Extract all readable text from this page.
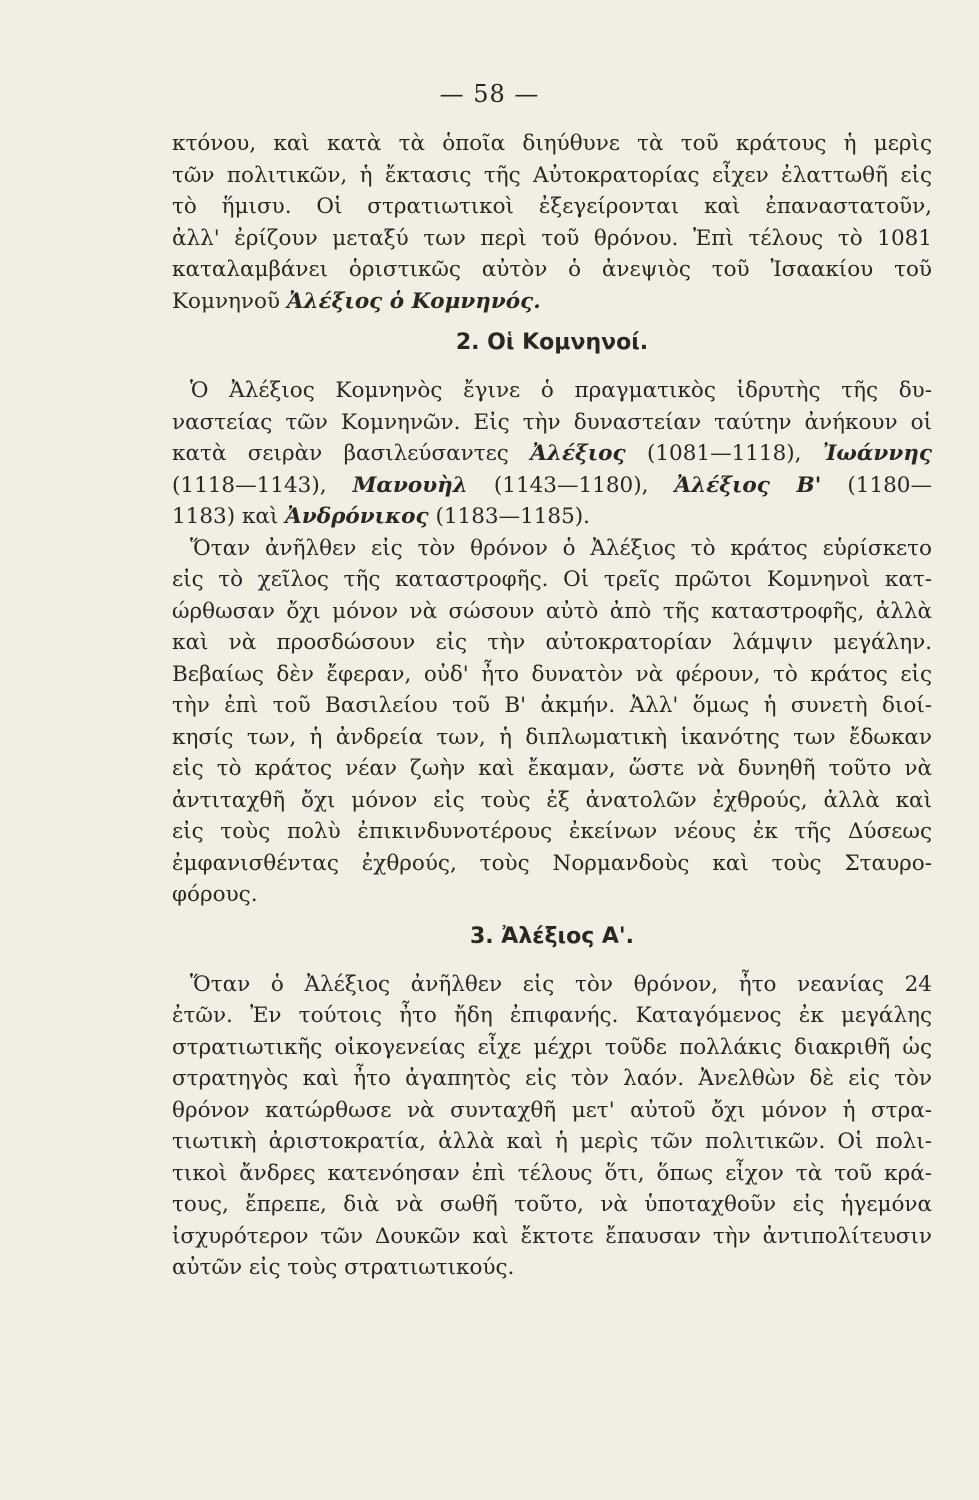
— 58 —
κτόνου, καὶ κατὰ τὰ ὁποῖα διηύθυνε τὰ τοῦ κράτους ἡ μερὶς
τῶν πολιτικῶν, ἡ ἔκτασις τῆς Αὐτοκρατορίας εἶχεν ἐλαττωθῆ εἰς
τὸ ἥμισυ. Οἱ στρατιωτικοὶ ἐξεγείρονται καὶ ἐπαναστατοῦν,
ἀλλ' ἐρίζουν μεταξύ των περὶ τοῦ θρόνου. Ἐπὶ τέλους τὸ 1081
καταλαμβάνει ὁριστικῶς αὐτὸν ὁ ἀνεψιὸς τοῦ Ἰσαακίου τοῦ
Κομνηνοῦ Ἀλέξιος ὁ Κομνηνός.
2. Οἱ Κομνηνοί.
Ὁ Ἀλέξιος Κομνηνὸς ἔγινε ὁ πραγματικὸς ἱδρυτὴς τῆς δυ-
ναστείας τῶν Κομνηνῶν. Εἰς τὴν δυναστείαν ταύτην ἀνήκουν οἱ
κατὰ σειρὰν βασιλεύσαντες Ἀλέξιος (1081—1118), Ἰωάννης
(1118—1143), Μανουὴλ (1143—1180), Ἀλέξιος Β' (1180—
1183) καὶ Ἀνδρόνικος (1183—1185).
Ὅταν ἀνῆλθεν εἰς τὸν θρόνον ὁ Ἀλέξιος τὸ κράτος εὑρίσκετο
εἰς τὸ χεῖλος τῆς καταστροφῆς. Οἱ τρεῖς πρῶτοι Κομνηνοὶ κατ-
ώρθωσαν ὄχι μόνον νὰ σώσουν αὐτὸ ἀπὸ τῆς καταστροφῆς, ἀλλὰ
καὶ νὰ προσδώσουν εἰς τὴν αὐτοκρατορίαν λάμψιν μεγάλην.
Βεβαίως δὲν ἔφεραν, οὐδ' ἦτο δυνατὸν νὰ φέρουν, τὸ κράτος εἰς
τὴν ἐπὶ τοῦ Βασιλείου τοῦ Β' ἀκμήν. Ἀλλ' ὅμως ἡ συνετὴ διοί-
κησίς των, ἡ ἀνδρεία των, ἡ διπλωματικὴ ἱκανότης των ἔδωκαν
εἰς τὸ κράτος νέαν ζωὴν καὶ ἔκαμαν, ὥστε νὰ δυνηθῆ τοῦτο νὰ
ἀντιταχθῆ ὄχι μόνον εἰς τοὺς ἐξ ἀνατολῶν ἐχθρούς, ἀλλὰ καὶ
εἰς τοὺς πολὺ ἐπικινδυνοτέρους ἐκείνων νέους ἐκ τῆς Δύσεως
ἐμφανισθέντας ἐχθρούς, τοὺς Νορμανδοὺς καὶ τοὺς Σταυρο-
φόρους.
3. Ἀλέξιος Α'.
Ὅταν ὁ Ἀλέξιος ἀνῆλθεν εἰς τὸν θρόνον, ἦτο νεανίας 24
ἐτῶν. Ἐν τούτοις ἦτο ἤδη ἐπιφανής. Καταγόμενος ἐκ μεγάλης
στρατιωτικῆς οἰκογενείας εἶχε μέχρι τοῦδε πολλάκις διακριθῆ ὡς
στρατηγὸς καὶ ἦτο ἀγαπητὸς εἰς τὸν λαόν. Ἀνελθὼν δὲ εἰς τὸν
θρόνον κατώρθωσε νὰ συνταχθῆ μετ' αὐτοῦ ὄχι μόνον ἡ στρα-
τιωτικὴ ἀριστοκρατία, ἀλλὰ καὶ ἡ μερὶς τῶν πολιτικῶν. Οἱ πολι-
τικοὶ ἄνδρες κατενόησαν ἐπὶ τέλους ὅτι, ὅπως εἶχον τὰ τοῦ κρά-
τους, ἔπρεπε, διὰ νὰ σωθῆ τοῦτο, νὰ ὑποταχθοῦν εἰς ἡγεμόνα
ἰσχυρότερον τῶν Δουκῶν καὶ ἔκτοτε ἔπαυσαν τὴν ἀντιπολίτευσιν
αὐτῶν εἰς τοὺς στρατιωτικούς.
